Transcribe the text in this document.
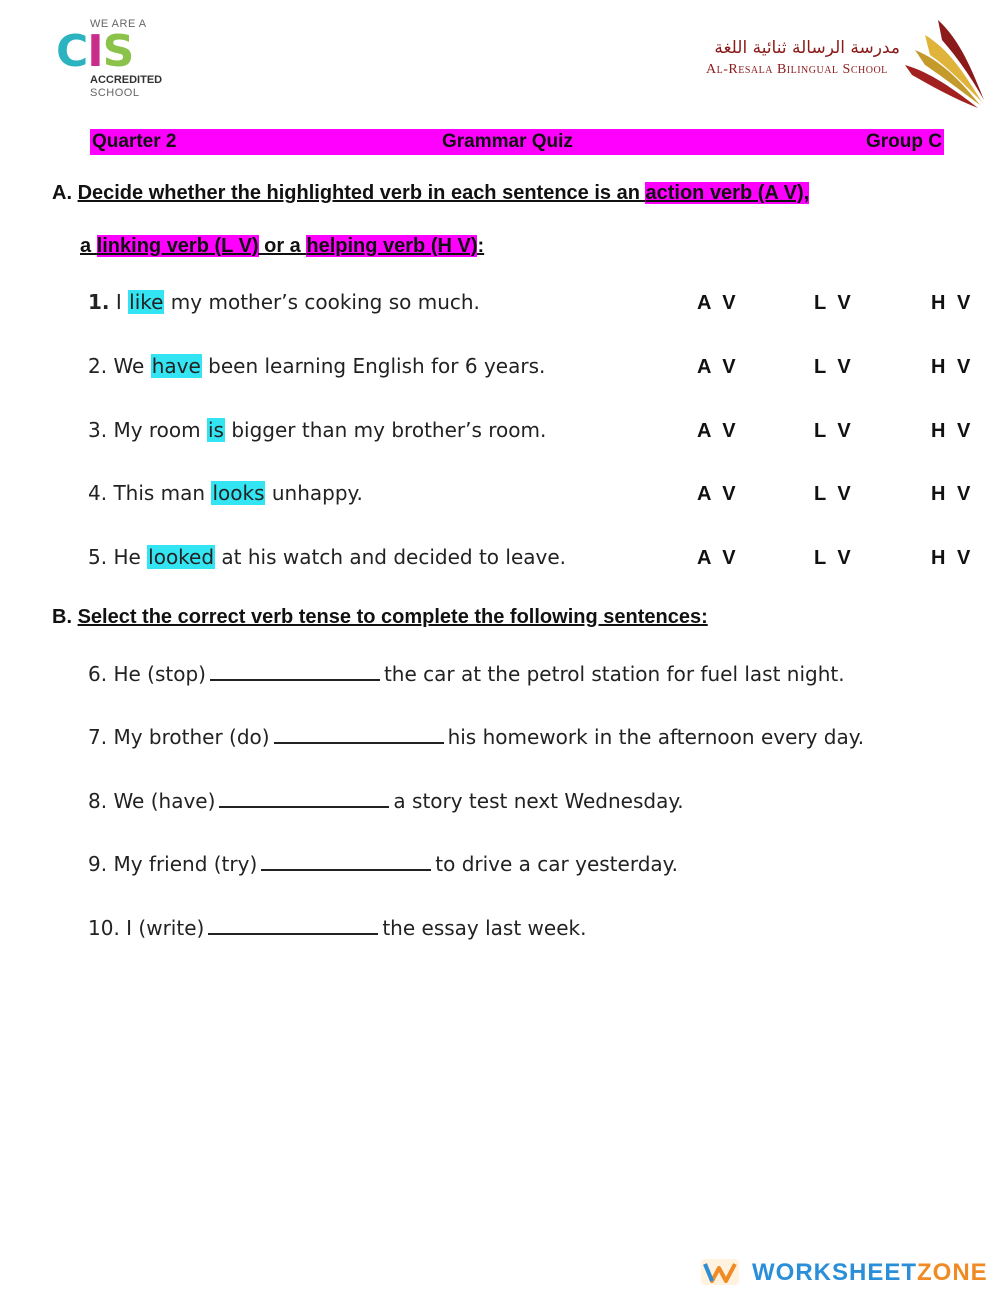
WE ARE A
CIS
ACCREDITED
SCHOOL
مدرسة الرسالة ثنائية اللغة
Al-Resala Bilingual School
Quarter 2	Grammar Quiz	Group C
A. Decide whether the highlighted verb in each sentence is an action verb (A V),
a linking verb (L V) or a helping verb (H V):
1. I like my mother’s cooking so much.	A V	L V	H V
2. We have been learning English for 6 years.	A V	L V	H V
3. My room is bigger than my brother’s room.	A V	L V	H V
4. This man looks unhappy.	A V	L V	H V
5. He looked at his watch and decided to leave.	A V	L V	H V
B. Select the correct verb tense to complete the following sentences:
6. He (stop)	the car at the petrol station for fuel last night.
7. My brother (do)	his homework in the afternoon every day.
8. We (have)	a story test next Wednesday.
9. My friend (try)	to drive a car yesterday.
10. I (write)	the essay last week.
WORKSHEETZONE
